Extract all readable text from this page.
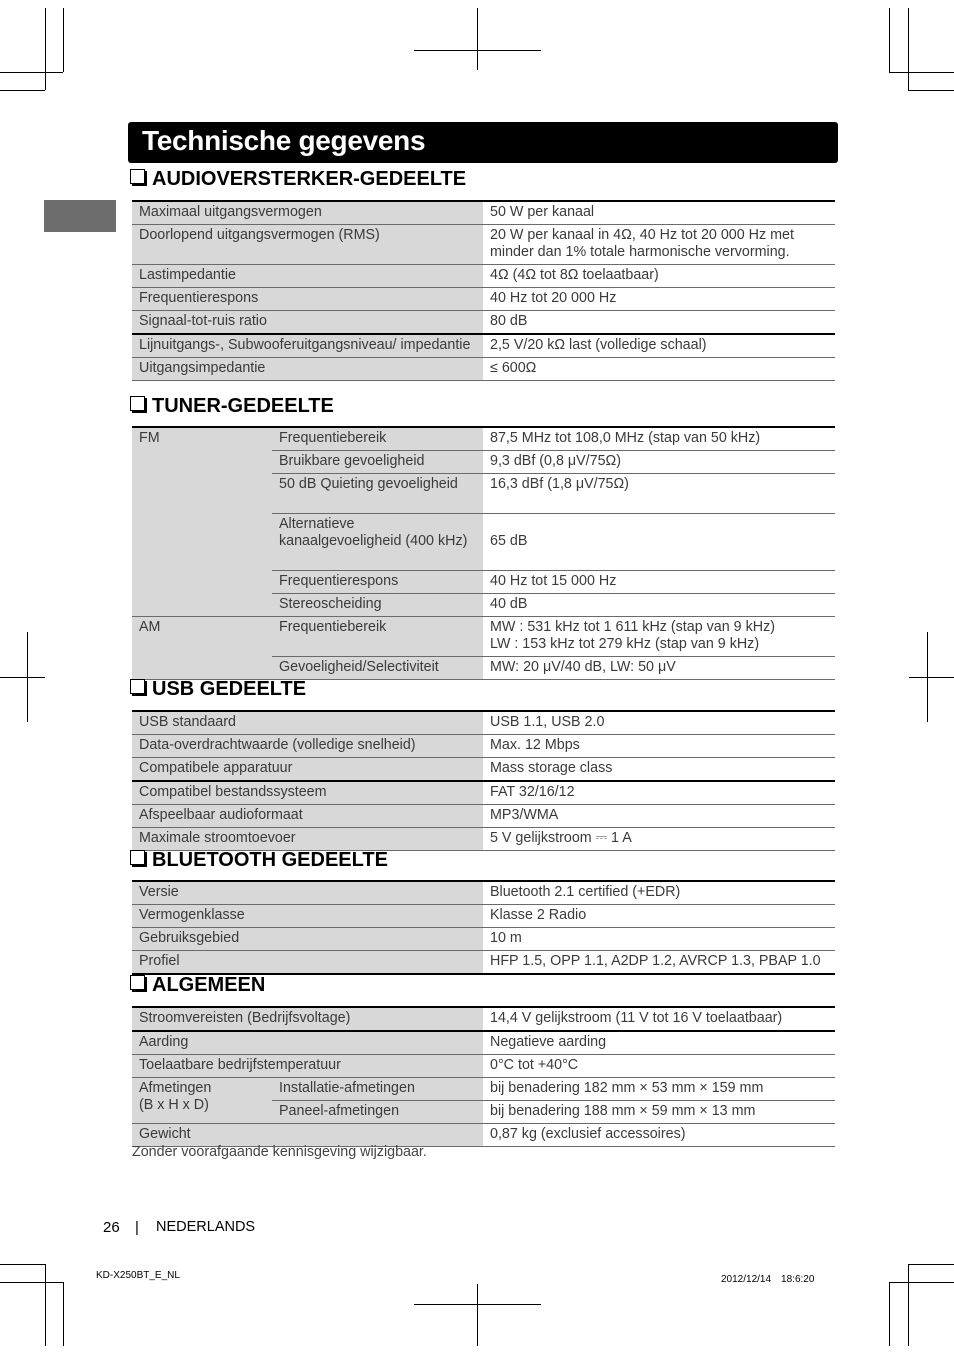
Technische gegevens
AUDIOVERSTERKER-GEDEELTE
Maximaal uitgangsvermogen	50 W per kanaal
Doorlopend uitgangsvermogen (RMS)	20 W per kanaal in 4Ω, 40 Hz tot 20 000 Hz met minder dan 1% totale harmonische vervorming.
Lastimpedantie	4Ω (4Ω tot 8Ω toelaatbaar)
Frequentierespons	40 Hz tot 20 000 Hz
Signaal-tot-ruis ratio	80 dB
Lijnuitgangs-, Subwooferuitgangsniveau/ impedantie	2,5 V/20 kΩ last (volledige schaal)
Uitgangsimpedantie	≤ 600Ω
TUNER-GEDEELTE
FM	Frequentiebereik	87,5 MHz tot 108,0 MHz (stap van 50 kHz)
	Bruikbare gevoeligheid	9,3 dBf (0,8 μV/75Ω)
	50 dB Quieting gevoeligheid	16,3 dBf (1,8 μV/75Ω)
	Alternatieve kanaalgevoeligheid (400 kHz)	65 dB
	Frequentierespons	40 Hz tot 15 000 Hz
	Stereoscheiding	40 dB
AM	Frequentiebereik	MW : 531 kHz tot 1 611 kHz (stap van 9 kHz)
LW : 153 kHz tot 279 kHz (stap van 9 kHz)

	Gevoeligheid/Selectiviteit	MW: 20 μV/40 dB, LW: 50 μV
USB GEDEELTE
USB standaard	USB 1.1, USB 2.0
Data-overdrachtwaarde (volledige snelheid)	Max. 12 Mbps
Compatibele apparatuur	Mass storage class
Compatibel bestandssysteem	FAT 32/16/12
Afspeelbaar audioformaat	MP3/WMA
Maximale stroomtoevoer	5 V gelijkstroom ⎓ 1 A
BLUETOOTH GEDEELTE
Versie	Bluetooth 2.1 certified (+EDR)
Vermogenklasse	Klasse 2 Radio
Gebruiksgebied	10 m
Profiel	HFP 1.5, OPP 1.1, A2DP 1.2, AVRCP 1.3, PBAP 1.0
ALGEMEEN
Stroomvereisten (Bedrijfsvoltage)		14,4 V gelijkstroom (11 V tot 16 V toelaatbaar)
Aarding		Negatieve aarding
Toelaatbare bedrijfstemperatuur		0°C tot +40°C

Afmetingen
(B x H x D)	Installatie-afmetingen	bij benadering 182 mm × 53 mm × 159 mm
	Paneel-afmetingen	bij benadering 188 mm × 59 mm × 13 mm
Gewicht		0,87 kg (exclusief accessoires)
Zonder voorafgaande kennisgeving wijzigbaar.
26 | NEDERLANDS
KD-X250BT_E_NL	2012/12/14　18:6:20
